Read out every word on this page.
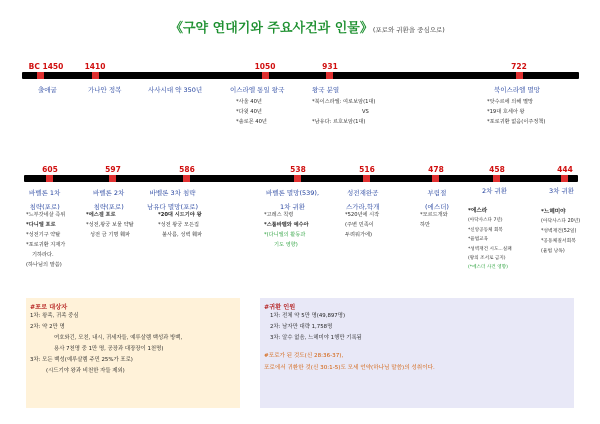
《구약 연대기와 주요사건과 인물》(포로와 귀환을 중심으로)
BC 1450	1410	1050	931	722
출애굽	가나안 정복	사사시대 약 350년	이스라엘 통일 왕국	왕국 분열	북이스라엘 멸망
*사울 40년
*다윗 40년
*솔로몬 40년
*북이스라엘: 여로보암(1대)
VS
*남유다: 르호보암(1대)
*앗수르에 의해 멸망
*19대 호세아 왕
*포로귀환 없음(이주정책)
605	597	586	538	516	478	458	444
바벨론 1차
침략(포로)
바벨론 2차
침략(포로)
바벨론 3차 침략
남유다 멸망(포로)
바벨론 멸망(539),
1차 귀환
성전재완공
스가라,학개
부림절
(에스더)
2차 귀환	3차 귀환
*느부갓네살 즉위
*다니엘 포로
*성전기구 약탈
*포로귀환 지재가
기하라다.
(하나님의 말씀)
*에스겔 포로
*성전,왕궁 보물 약탈
성전 금 기명 훼파
*20대 시드기야 왕
*성전 왕궁 모든집
불사름, 성벽 훼파
*고레스 칙령
*스룹바벨와 예수아
*(다니엘의 활동과
기도 영향)
*520년에 시작
(주변 민족이
두려워가에)
*모르드개와
하만
*에스라
(아닥사스다 7년)
*신앙공동체 회복
*율법교육
*성벽재건 시도...실패
(왕의 조서로 금지)
(*에스더 사건 영향)
*느헤미야
(아닥사스다 20년)
*성벽재건(52일)
*공동체질서회복
(율법 낭독)
#포로 대상자
1차: 왕족, 귀족 중심
2차: 약 2만 명
여호와긴, 모친, 내시, 귀세자들, 예루살렘 백성과 방백,
용사 7천명 중 1만 명, 공장과 대장장이 1천명)
3차: 모든 백성(예루살렘 주민 25%가 포로)
(시드기야 왕과 비천한 자들 제외)
#귀환 인원
1차: 전체 약 5만 명(49,897명)
2차: 남자만 대략 1,758명
3차: 알수 없음, 느헤미야 1행만 기록됨
#포로가 된 것도(신 28:36-37),
포로에서 귀환한 것(신 30:1-5)도 모세 언약(하나님 말씀)의 성취이다.
